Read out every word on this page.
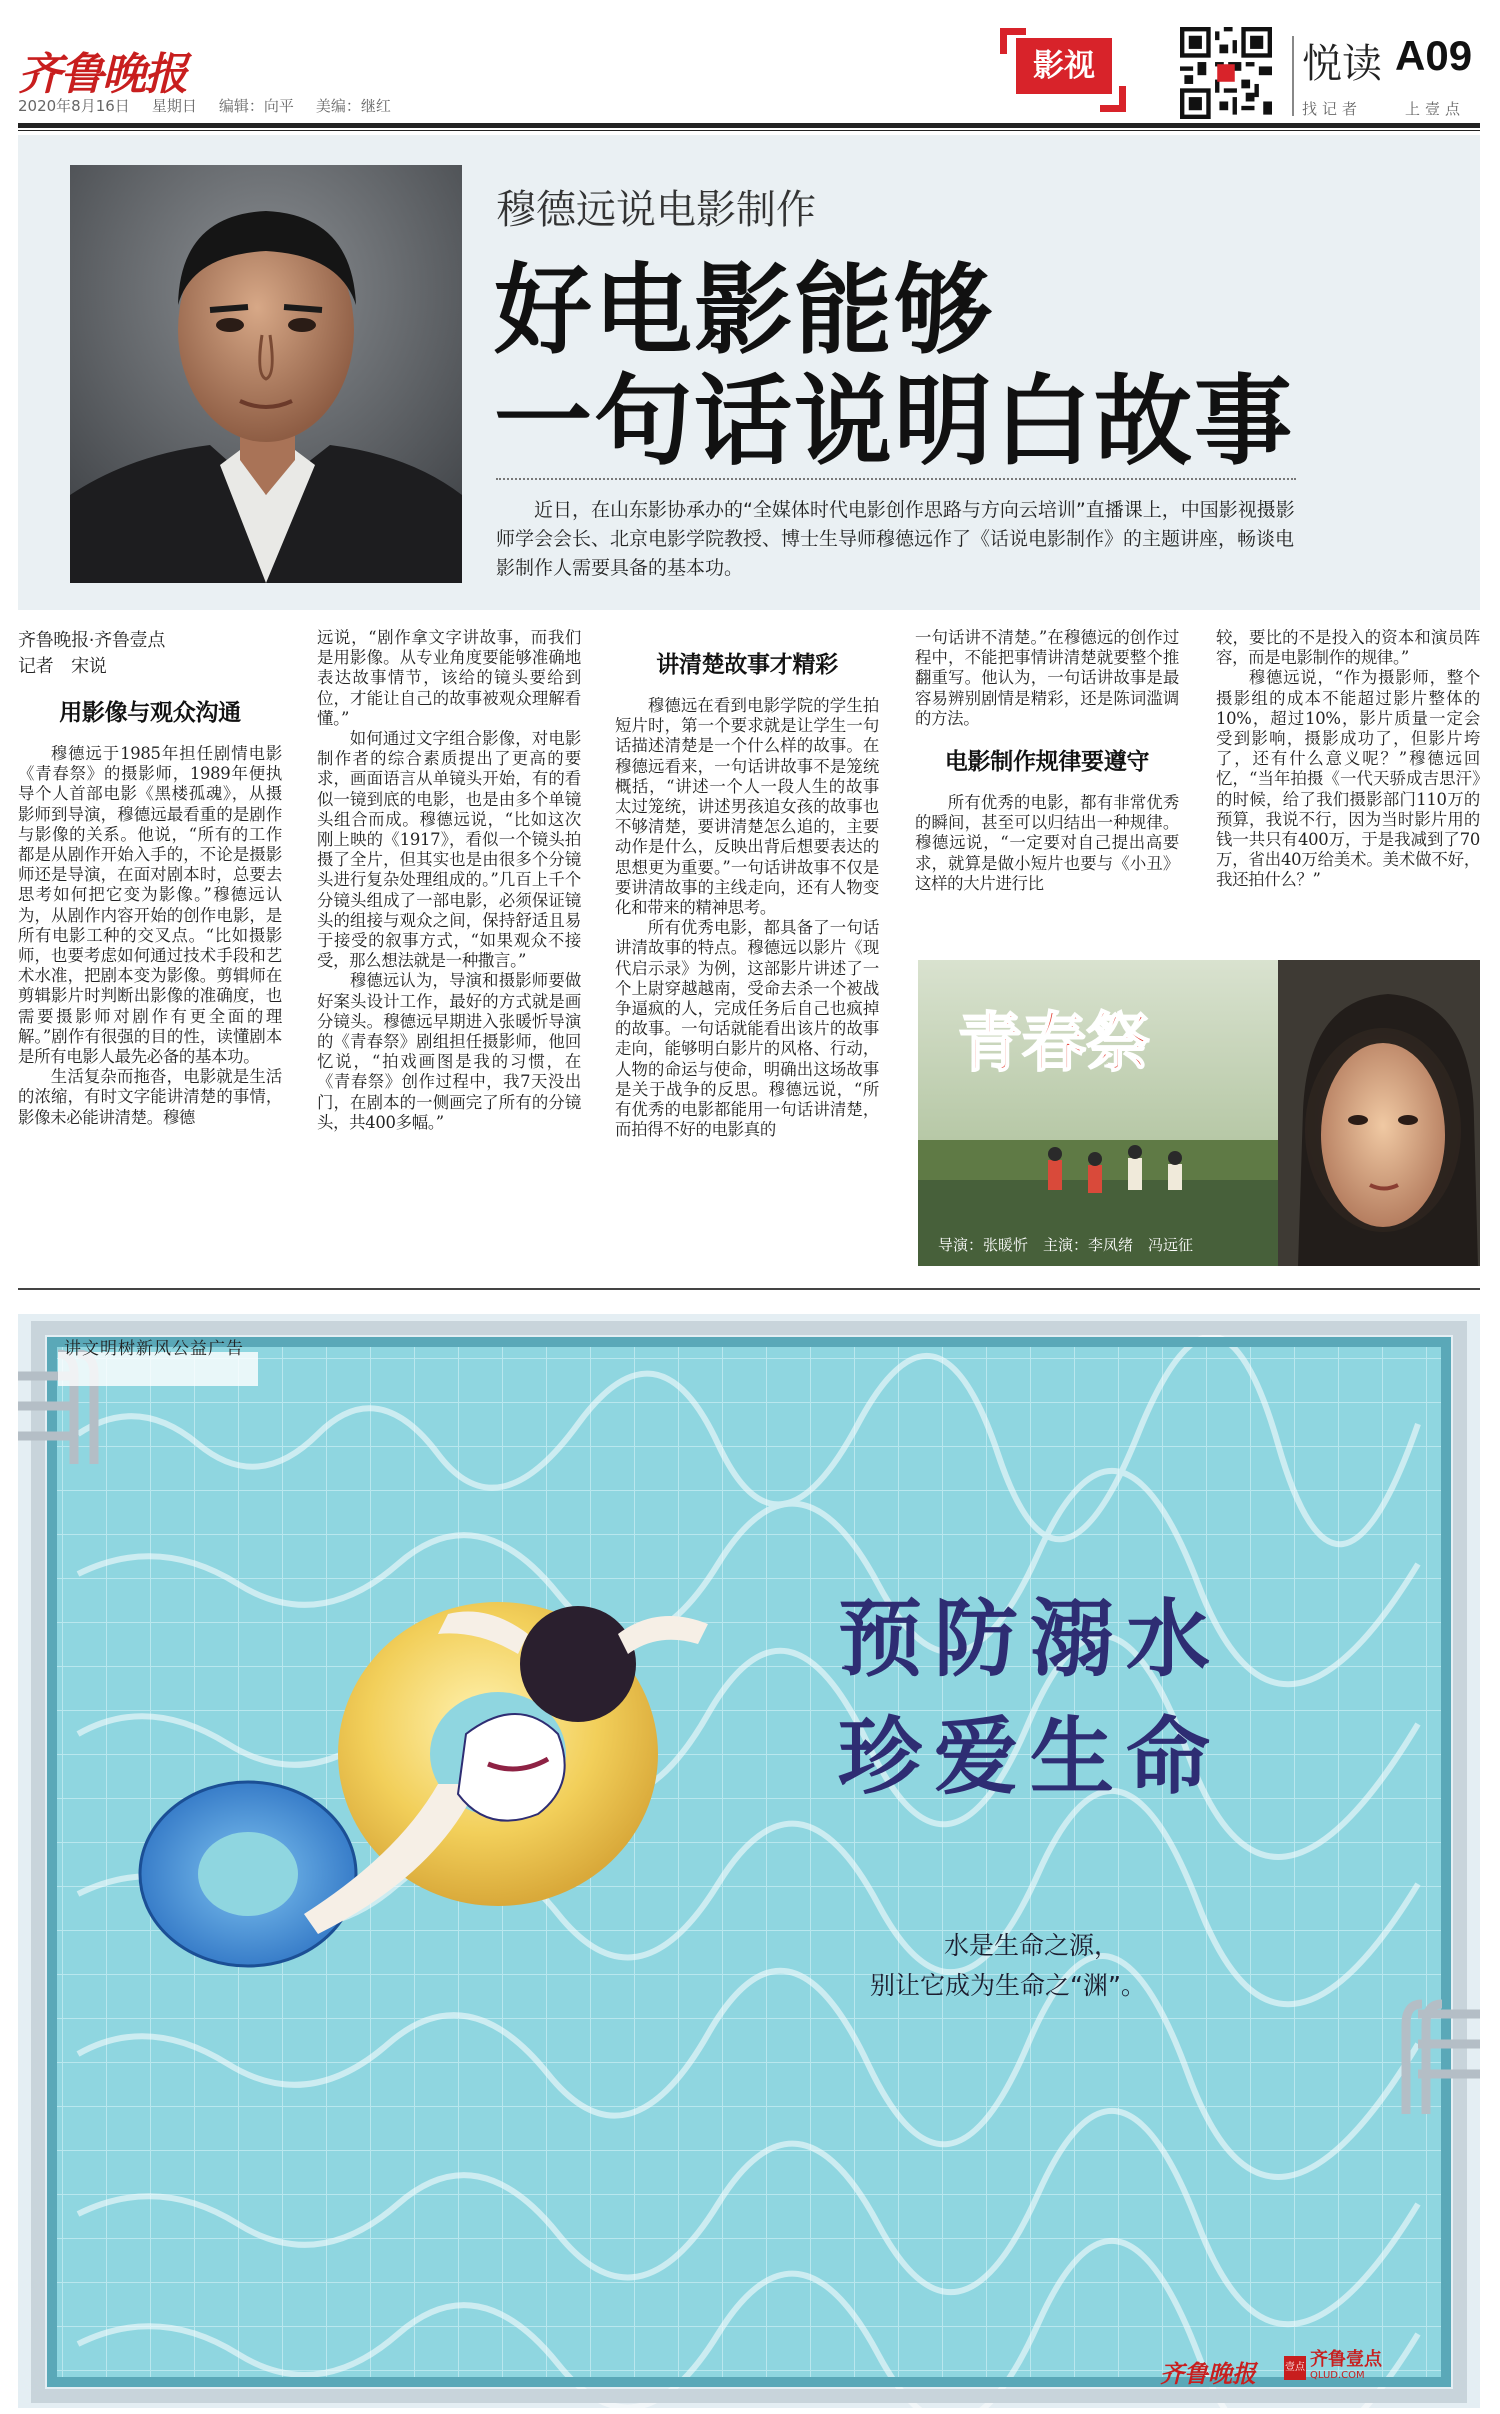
齐鲁晚报
2020年8月16日 星期日 编辑：向平 美编：继红
影视	悦读 A09
找记者	上壹点
穆德远说电影制作
好电影能够
一句话说明白故事
近日，在山东影协承办的“全媒体时代电影创作思路与方向云培训”直播课上，中国影视摄影师学会会长、北京电影学院教授、博士生导师穆德远作了《话说电影制作》的主题讲座，畅谈电影制作人需要具备的基本功。
齐鲁晚报·齐鲁壹点
记者　宋说
用影像与观众沟通

穆德远于1985年担任剧情电影《青春祭》的摄影师，1989年便执导个人首部电影《黑楼孤魂》，从摄影师到导演，穆德远最看重的是剧作与影像的关系。他说，“所有的工作都是从剧作开始入手的，不论是摄影师还是导演，在面对剧本时，总要去思考如何把它变为影像。”穆德远认为，从剧作内容开始的创作电影，是所有电影工种的交叉点。“比如摄影师，也要考虑如何通过技术手段和艺术水准，把剧本变为影像。剪辑师在剪辑影片时判断出影像的准确度，也需要摄影师对剧作有更全面的理解。”剧作有很强的目的性，读懂剧本是所有电影人最先必备的基本功。

生活复杂而拖沓，电影就是生活的浓缩，有时文字能讲清楚的事情，影像未必能讲清楚。穆德

远说，“剧作拿文字讲故事，而我们是用影像。从专业角度要能够准确地表达故事情节，该给的镜头要给到位，才能让自己的故事被观众理解看懂。”

如何通过文字组合影像，对电影制作者的综合素质提出了更高的要求，画面语言从单镜头开始，有的看似一镜到底的电影，也是由多个单镜头组合而成。穆德远说，“比如这次刚上映的《1917》，看似一个镜头拍摄了全片，但其实也是由很多个分镜头进行复杂处理组成的。”几百上千个分镜头组成了一部电影，必须保证镜头的组接与观众之间，保持舒适且易于接受的叙事方式，“如果观众不接受，那么想法就是一种撒言。”

穆德远认为，导演和摄影师要做好案头设计工作，最好的方式就是画分镜头。穆德远早期进入张暖忻导演的《青春祭》剧组担任摄影师，他回忆说，“拍戏画图是我的习惯，在《青春祭》创作过程中，我7天没出门，在剧本的一侧画完了所有的分镜头，共400多幅。”

讲清楚故事才精彩

穆德远在看到电影学院的学生拍短片时，第一个要求就是让学生一句话描述清楚是一个什么样的故事。在穆德远看来，一句话讲故事不是笼统概括，“讲述一个人一段人生的故事太过笼统，讲述男孩追女孩的故事也不够清楚，要讲清楚怎么追的，主要动作是什么，反映出背后想要表达的思想更为重要。”一句话讲故事不仅是要讲清故事的主线走向，还有人物变化和带来的精神思考。

所有优秀电影，都具备了一句话讲清故事的特点。穆德远以影片《现代启示录》为例，这部影片讲述了一个上尉穿越越南，受命去杀一个被战争逼疯的人，完成任务后自己也疯掉的故事。一句话就能看出该片的故事走向，能够明白影片的风格、行动，人物的命运与使命，明确出这场故事是关于战争的反思。穆德远说，“所有优秀的电影都能用一句话讲清楚，而拍得不好的电影真的

一句话讲不清楚。”在穆德远的创作过程中，不能把事情讲清楚就要整个推翻重写。他认为，一句话讲故事是最容易辨别剧情是精彩，还是陈词滥调的方法。

电影制作规律要遵守

所有优秀的电影，都有非常优秀的瞬间，甚至可以归结出一种规律。穆德远说，“一定要对自己提出高要求，就算是做小短片也要与《小丑》这样的大片进行比

较，要比的不是投入的资本和演员阵容，而是电影制作的规律。”

穆德远说，“作为摄影师，整个摄影组的成本不能超过影片整体的10%，超过10%，影片质量一定会受到影响，摄影成功了，但影片垮了，还有什么意义呢？”穆德远回忆，“当年拍摄《一代天骄成吉思汗》的时候，给了我们摄影部门110万的预算，我说不行，因为当时影片用的钱一共只有400万，于是我减到了70万，省出40万给美术。美术做不好，我还拍什么？”

青春祭
导演：张暖忻　主演：李凤绪　冯远征
讲文明树新风公益广告
预防溺水
珍爱生命
水是生命之源，
别让它成为生命之“渊”。
齐鲁晚报	壹点 齐鲁壹点
QLUD.COM
